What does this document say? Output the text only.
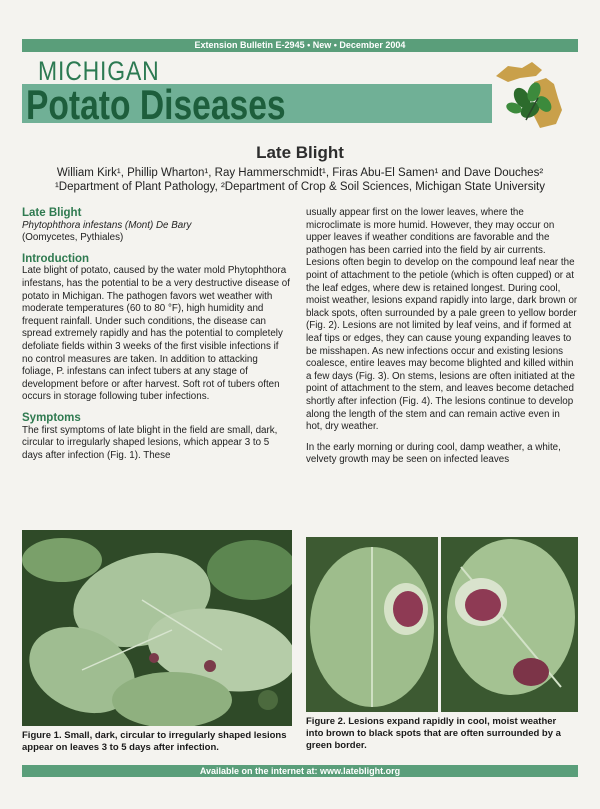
Extension Bulletin E-2945 • New • December 2004
MICHIGAN
Potato Diseases
Late Blight
William Kirk¹, Phillip Wharton¹, Ray Hammerschmidt¹, Firas Abu-El Samen¹ and Dave Douches²
¹Department of Plant Pathology, ²Department of Crop & Soil Sciences, Michigan State University
Late Blight

Phytophthora infestans (Mont) De Bary

(Oomycetes, Pythiales)

Introduction

Late blight of potato, caused by the water mold Phytophthora infestans, has the potential to be a very destructive disease of potato in Michigan. The pathogen favors wet weather with moderate temperatures (60 to 80 °F), high humidity and frequent rainfall. Under such conditions, the disease can spread extremely rapidly and has the potential to completely defoliate fields within 3 weeks of the first visible infections if no control measures are taken. In addition to attacking foliage, P. infestans can infect tubers at any stage of development before or after harvest. Soft rot of tubers often occurs in storage following tuber infections.

Symptoms

The first symptoms of late blight in the field are small, dark, circular to irregularly shaped lesions, which appear 3 to 5 days after infection (Fig. 1). These

usually appear first on the lower leaves, where the microclimate is more humid. However, they may occur on upper leaves if weather conditions are favorable and the pathogen has been carried into the field by air currents. Lesions often begin to develop on the compound leaf near the point of attachment to the petiole (which is often cupped) or at the leaf edges, where dew is retained longest. During cool, moist weather, lesions expand rapidly into large, dark brown or black spots, often surrounded by a pale green to yellow border (Fig. 2). Lesions are not limited by leaf veins, and if formed at leaf tips or edges, they can cause young expanding leaves to be misshapen. As new infections occur and existing lesions coalesce, entire leaves may become blighted and killed within a few days (Fig. 3). On stems, lesions are often initiated at the point of attachment to the stem, and leaves become detached shortly after infection (Fig. 4). The lesions continue to develop along the length of the stem and can remain active even in hot, dry weather.

In the early morning or during cool, damp weather, a white, velvety growth may be seen on infected leaves

Figure 1. Small, dark, circular to irregularly shaped lesions appear on leaves 3 to 5 days after infection.
Figure 2. Lesions expand rapidly in cool, moist weather into brown to black spots that are often surrounded by a green border.
Available on the internet at: www.lateblight.org
